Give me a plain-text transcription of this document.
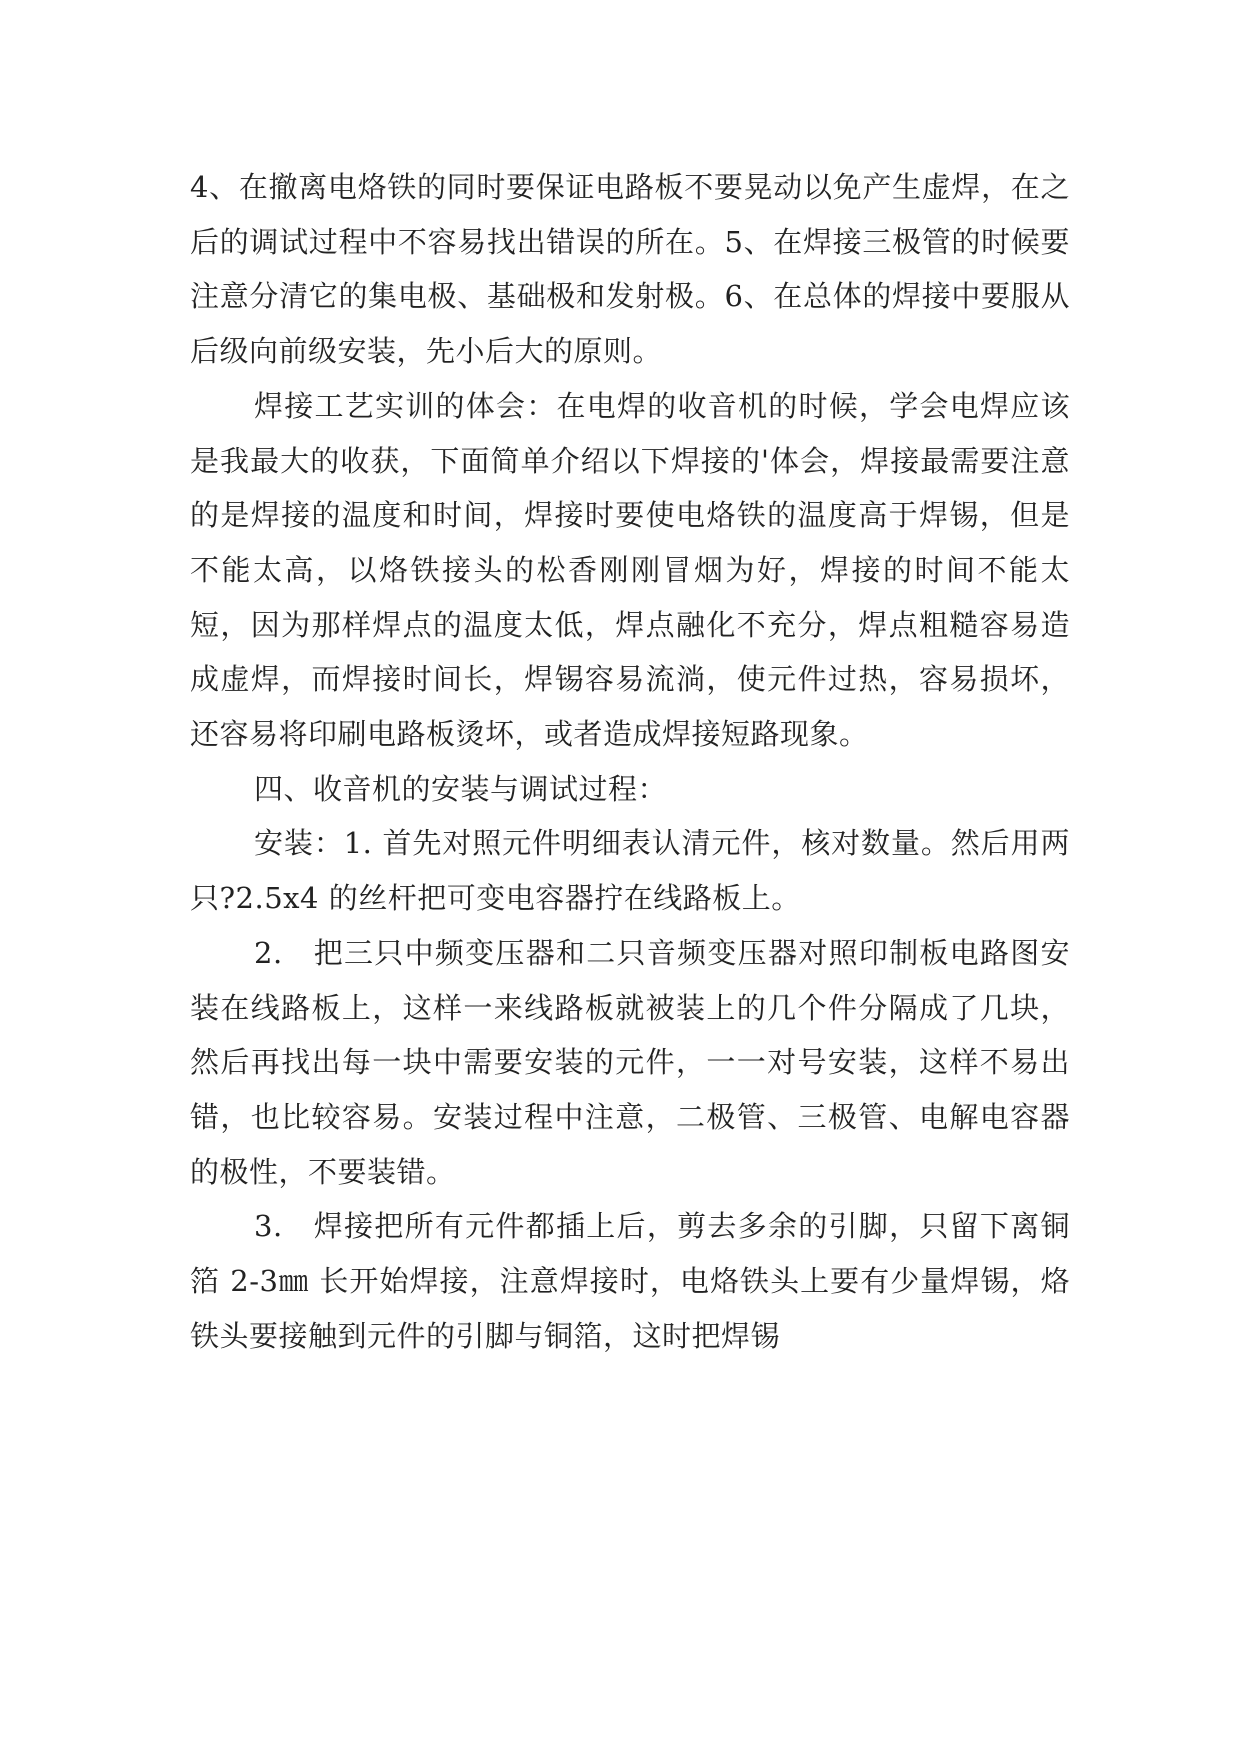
4、在撤离电烙铁的同时要保证电路板不要晃动以免产生虚焊，在之后的调试过程中不容易找出错误的所在。5、在焊接三极管的时候要注意分清它的集电极、基础极和发射极。6、在总体的焊接中要服从后级向前级安装，先小后大的原则。

焊接工艺实训的体会：在电焊的收音机的时候，学会电焊应该是我最大的收获，下面简单介绍以下焊接的'体会，焊接最需要注意的是焊接的温度和时间，焊接时要使电烙铁的温度高于焊锡，但是不能太高，以烙铁接头的松香刚刚冒烟为好，焊接的时间不能太短，因为那样焊点的温度太低，焊点融化不充分，焊点粗糙容易造成虚焊，而焊接时间长，焊锡容易流淌，使元件过热，容易损坏，还容易将印刷电路板烫坏，或者造成焊接短路现象。

四、收音机的安装与调试过程：

安装：1. 首先对照元件明细表认清元件，核对数量。然后用两只?2.5x4 的丝杆把可变电容器拧在线路板上。

2.　把三只中频变压器和二只音频变压器对照印制板电路图安装在线路板上，这样一来线路板就被装上的几个件分隔成了几块，然后再找出每一块中需要安装的元件，一一对号安装，这样不易出错，也比较容易。安装过程中注意，二极管、三极管、电解电容器的极性，不要装错。

3.　焊接把所有元件都插上后，剪去多余的引脚，只留下离铜箔 2-3㎜ 长开始焊接，注意焊接时，电烙铁头上要有少量焊锡，烙铁头要接触到元件的引脚与铜箔，这时把焊锡
